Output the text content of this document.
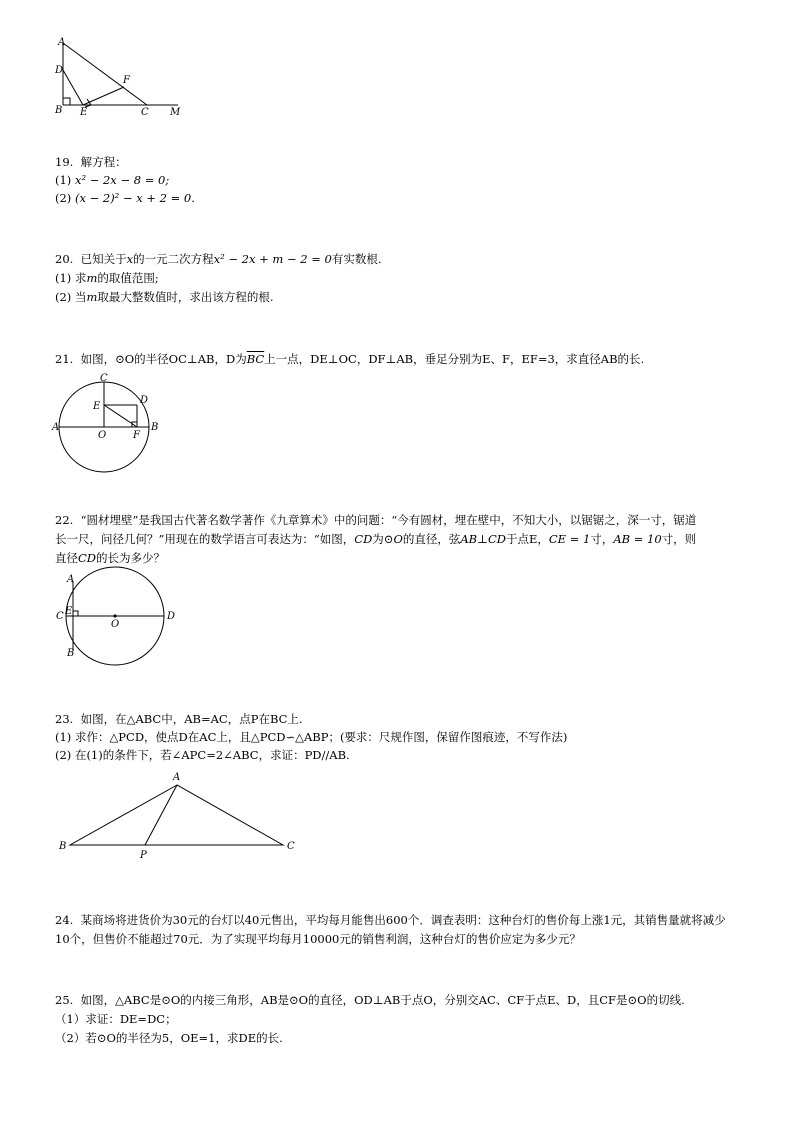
A
D
F
B E	C M
19. 解方程：
(1) x² − 2x − 8 = 0;
(2) (x − 2)² − x + 2 = 0.
20. 已知关于x的一元二次方程x² − 2x + m − 2 = 0有实数根.
(1) 求m的取值范围;
(2) 当m取最大整数值时，求出该方程的根.
21. 如图，⊙O的半径OC⊥AB，D为$\overline{BC}$上一点，DE⊥OC，DF⊥AB，垂足分别为E、F，EF=3，求直径AB的长.
C
E
D
A
O	F
B
22. “圆材埋壁”是我国古代著名数学著作《九章算术》中的问题：“今有圆材，埋在壁中，不知大小，以锯锯之，深一寸，锯道
长一尺，问径几何？”用现在的数学语言可表达为：“如图，CD为⊙O的直径，弦AB⊥CD于点E，CE = 1寸，AB = 10寸，则
直径CD的长为多少？
A
C E
O
D
B
23. 如图，在△ABC中，AB=AC，点P在BC上.
(1) 求作：△PCD，使点D在AC上，且△PCD∽△ABP；(要求：尺规作图，保留作图痕迹，不写作法)
(2) 在(1)的条件下，若∠APC=2∠ABC，求证：PD//AB.
A
B
P
C
24. 某商场将进货价为30元的台灯以40元售出，平均每月能售出600个．调查表明：这种台灯的售价每上涨1元，其销售量就将减少
10个，但售价不能超过70元．为了实现平均每月10000元的销售利润，这种台灯的售价应定为多少元？
25. 如图，△ABC是⊙O的内接三角形，AB是⊙O的直径，OD⊥AB于点O，分别交AC、CF于点E、D，且CF是⊙O的切线.
（1）求证：DE=DC；
（2）若⊙O的半径为5，OE=1，求DE的长.
